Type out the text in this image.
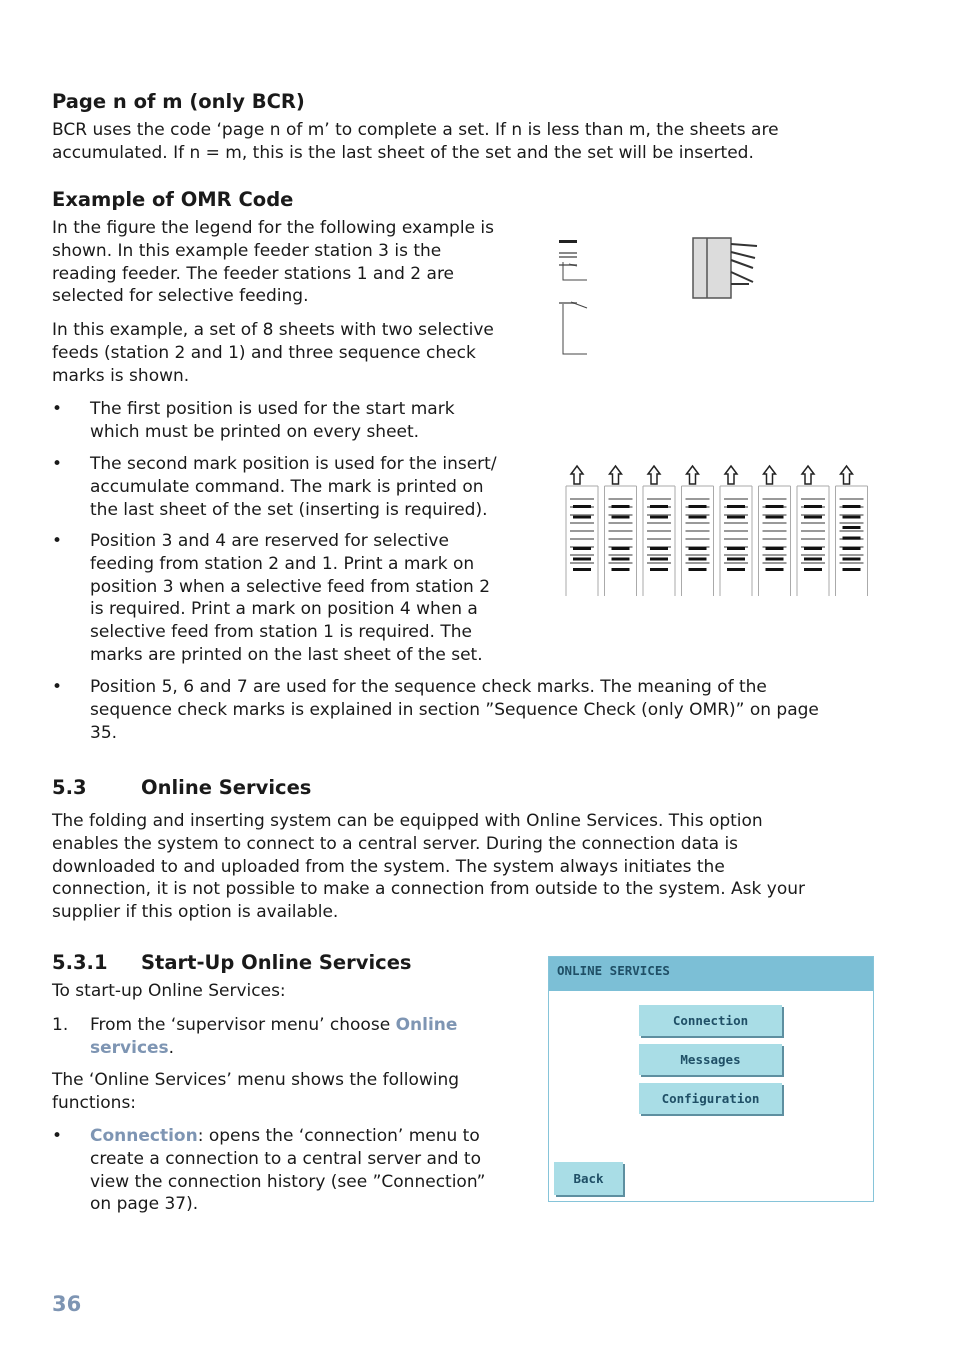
Page n of m (only BCR)

BCR uses the code ‘page n of m’ to complete a set. If n is less than m, the sheets are

accumulated. If n = m, this is the last sheet of the set and the set will be inserted.

Example of OMR Code
In the figure the legend for the following example is
shown. In this example feeder station 3 is the
reading feeder. The feeder stations 1 and 2 are
selected for selective feeding.
In this example, a set of 8 sheets with two selective
feeds (station 2 and 1) and three sequence check
marks is shown.
• The first position is used for the start mark
which must be printed on every sheet.
• The second mark position is used for the insert/
accumulate command. The mark is printed on
the last sheet of the set (inserting is required).
• Position 3 and 4 are reserved for selective
feeding from station 2 and 1. Print a mark on
position 3 when a selective feed from station 2
is required. Print a mark on position 4 when a
selective feed from station 1 is required. The
marks are printed on the last sheet of the set.
• Position 5, 6 and 7 are used for the sequence check marks. The meaning of the
sequence check marks is explained in section ”Sequence Check (only OMR)” on page
35.
5.3	Online Services
The folding and inserting system can be equipped with Online Services. This option
enables the system to connect to a central server. During the connection data is
downloaded to and uploaded from the system. The system always initiates the
connection, it is not possible to make a connection from outside to the system. Ask your
supplier if this option is available.
5.3.1 Start-Up Online Services

To start-up Online Services:

1. From the ‘supervisor menu’ choose Online
services.
The ‘Online Services’ menu shows the following
functions:
• Connection: opens the ‘connection’ menu to
create a connection to a central server and to
view the connection history (see ”Connection”
on page 37).
ONLINE SERVICES
Connection
Messages
Configuration
Back
36
